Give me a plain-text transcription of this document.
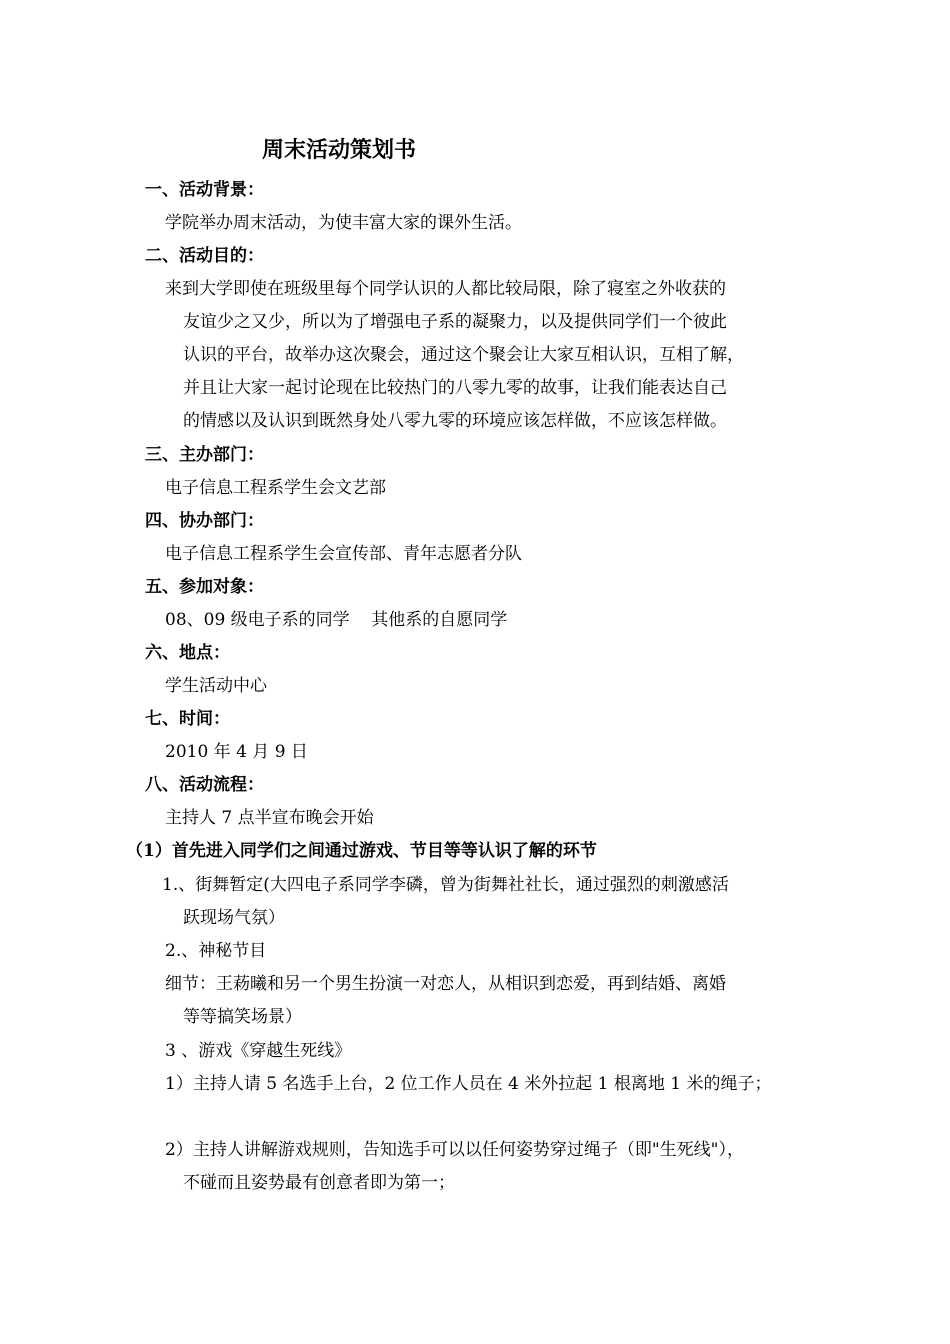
周末活动策划书
一、活动背景：
学院举办周末活动，为使丰富大家的课外生活。
二、活动目的：
来到大学即使在班级里每个同学认识的人都比较局限，除了寝室之外收获的
友谊少之又少，所以为了增强电子系的凝聚力，以及提供同学们一个彼此
认识的平台，故举办这次聚会，通过这个聚会让大家互相认识，互相了解，
并且让大家一起讨论现在比较热门的八零九零的故事，让我们能表达自己
的情感以及认识到既然身处八零九零的环境应该怎样做，不应该怎样做。
三、主办部门：
电子信息工程系学生会文艺部
四、协办部门：
电子信息工程系学生会宣传部、青年志愿者分队
五、参加对象：
08、09 级电子系的同学    其他系的自愿同学
六、地点：
学生活动中心
七、时间：
2010 年 4 月 9 日
八、活动流程：
主持人 7 点半宣布晚会开始
（1）首先进入同学们之间通过游戏、节目等等认识了解的环节
1.、街舞暂定(大四电子系同学李磷，曾为街舞社社长，通过强烈的刺激感活
跃现场气氛）
2.、神秘节目
细节：王菞曦和另一个男生扮演一对恋人，从相识到恋爱，再到结婚、离婚
等等搞笑场景）
3 、游戏《穿越生死线》
1）主持人请 5 名选手上台，2 位工作人员在 4 米外拉起 1 根离地 1 米的绳子；
2）主持人讲解游戏规则，告知选手可以以任何姿势穿过绳子（即"生死线"），
不碰而且姿势最有创意者即为第一；
